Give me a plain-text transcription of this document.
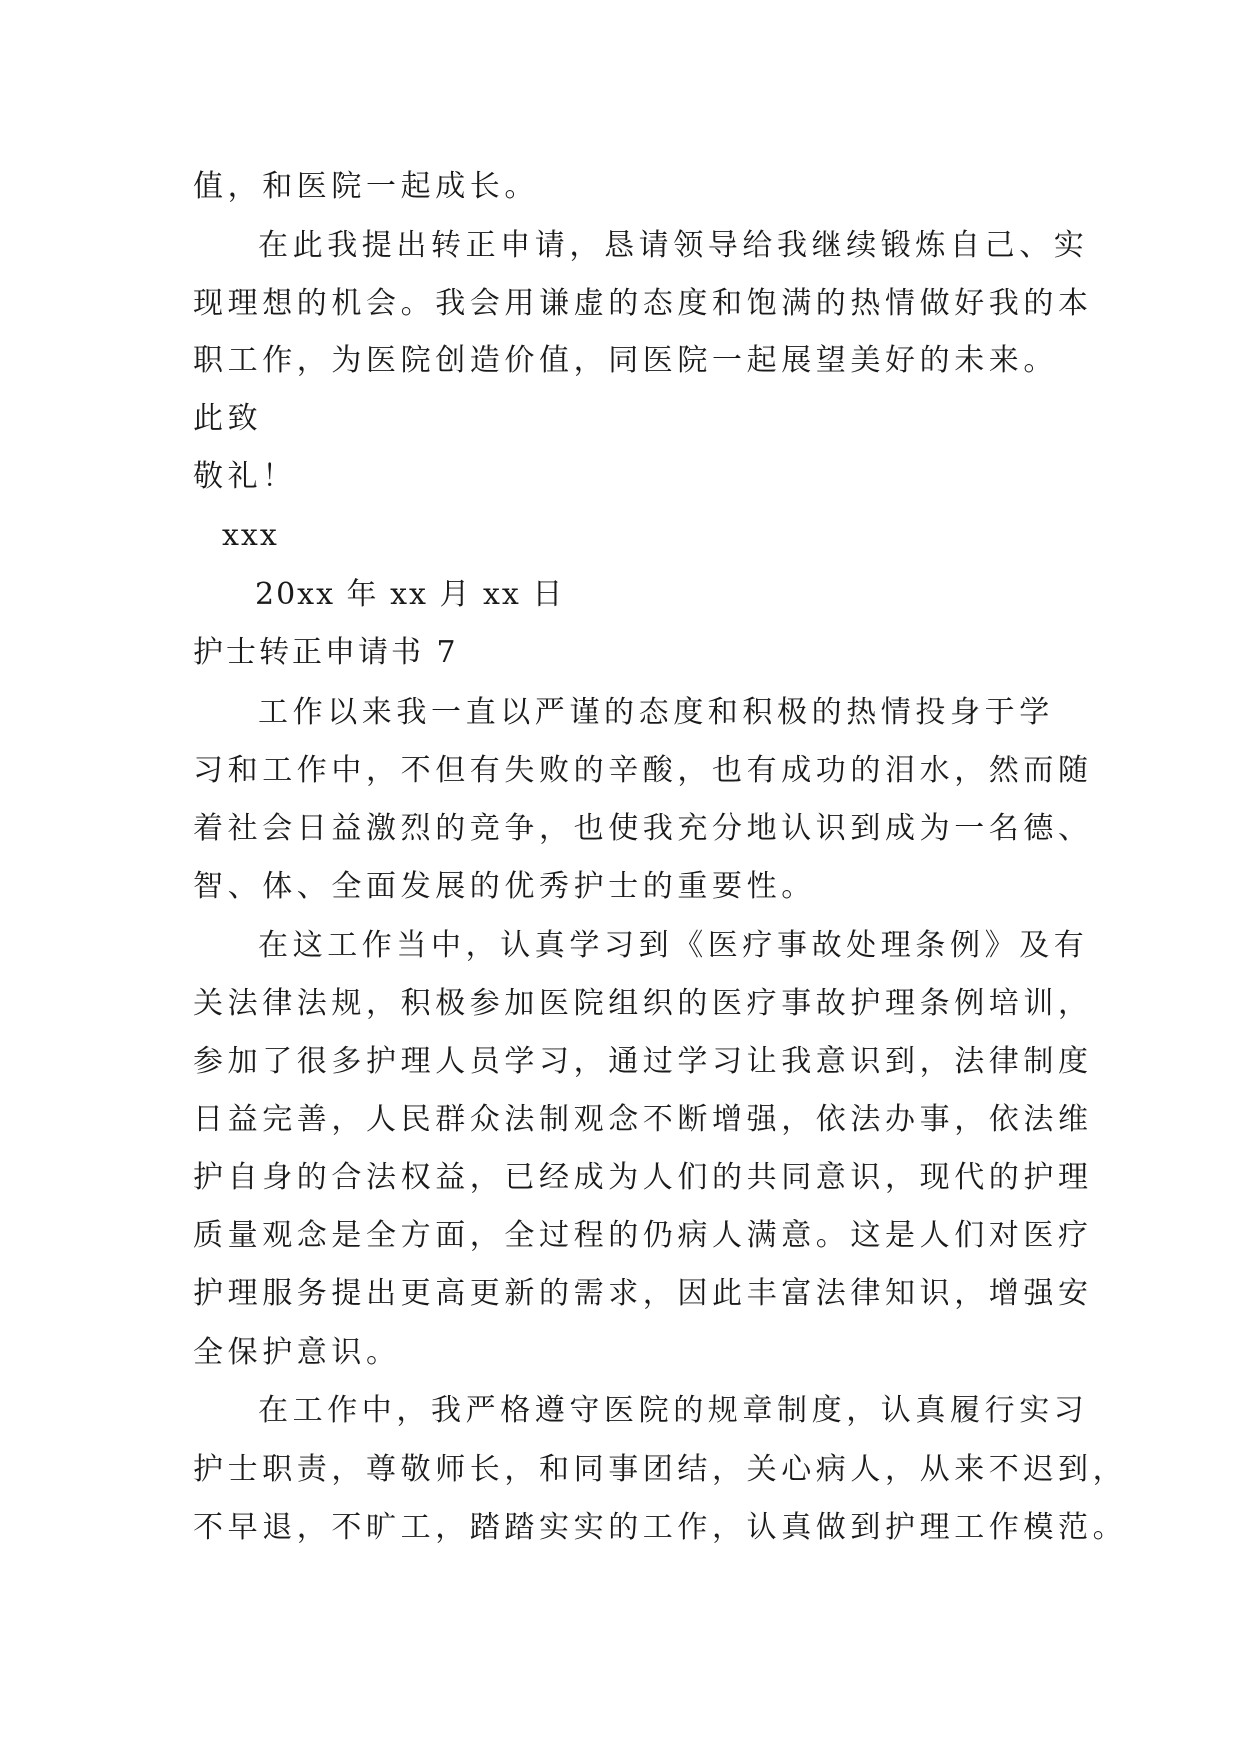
值，和医院一起成长。

在此我提出转正申请，恳请领导给我继续锻炼自己、实

现理想的机会。我会用谦虚的态度和饱满的热情做好我的本

职工作，为医院创造价值，同医院一起展望美好的未来。

此致

敬礼！

xxx

20xx 年 xx 月 xx 日

护士转正申请书 7

工作以来我一直以严谨的态度和积极的热情投身于学

习和工作中，不但有失败的辛酸，也有成功的泪水，然而随

着社会日益激烈的竞争，也使我充分地认识到成为一名德、

智、体、全面发展的优秀护士的重要性。

在这工作当中，认真学习到《医疗事故处理条例》及有

关法律法规，积极参加医院组织的医疗事故护理条例培训，

参加了很多护理人员学习，通过学习让我意识到，法律制度

日益完善，人民群众法制观念不断增强，依法办事，依法维

护自身的合法权益，已经成为人们的共同意识，现代的护理

质量观念是全方面，全过程的仍病人满意。这是人们对医疗

护理服务提出更高更新的需求，因此丰富法律知识，增强安

全保护意识。

在工作中，我严格遵守医院的规章制度，认真履行实习

护士职责，尊敬师长，和同事团结，关心病人，从来不迟到，

不早退，不旷工，踏踏实实的工作，认真做到护理工作模范。
